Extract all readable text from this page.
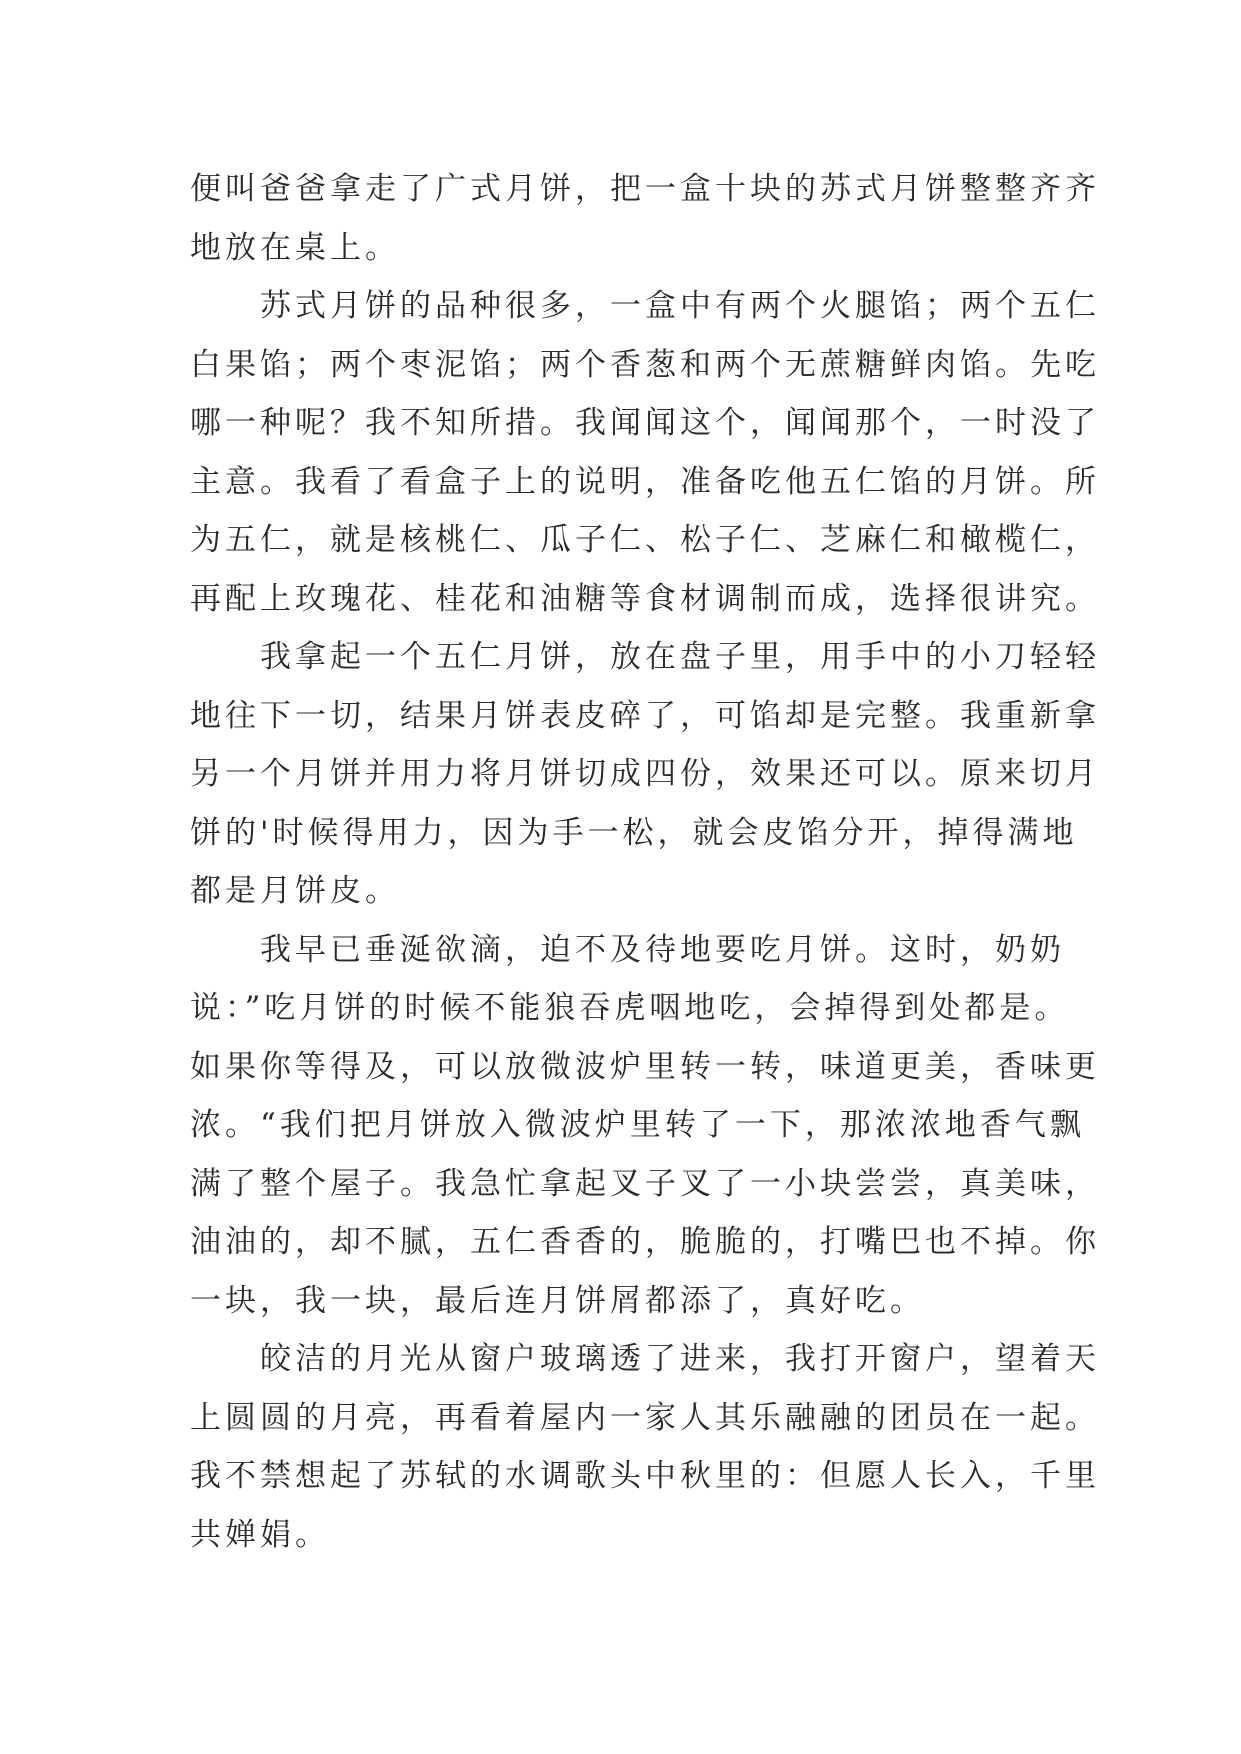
便叫爸爸拿走了广式月饼，把一盒十块的苏式月饼整整齐齐
地放在桌上。
苏式月饼的品种很多，一盒中有两个火腿馅；两个五仁
白果馅；两个枣泥馅；两个香葱和两个无蔗糖鲜肉馅。先吃
哪一种呢？我不知所措。我闻闻这个，闻闻那个，一时没了
主意。我看了看盒子上的说明，准备吃他五仁馅的月饼。所
为五仁，就是核桃仁、瓜子仁、松子仁、芝麻仁和橄榄仁，
再配上玫瑰花、桂花和油糖等食材调制而成，选择很讲究。
我拿起一个五仁月饼，放在盘子里，用手中的小刀轻轻
地往下一切，结果月饼表皮碎了，可馅却是完整。我重新拿
另一个月饼并用力将月饼切成四份，效果还可以。原来切月
饼的'时候得用力，因为手一松，就会皮馅分开，掉得满地
都是月饼皮。
我早已垂涎欲滴，迫不及待地要吃月饼。这时，奶奶
说：”吃月饼的时候不能狼吞虎咽地吃，会掉得到处都是。
如果你等得及，可以放微波炉里转一转，味道更美，香味更
浓。“我们把月饼放入微波炉里转了一下，那浓浓地香气飘
满了整个屋子。我急忙拿起叉子叉了一小块尝尝，真美味，
油油的，却不腻，五仁香香的，脆脆的，打嘴巴也不掉。你
一块，我一块，最后连月饼屑都添了，真好吃。
皎洁的月光从窗户玻璃透了进来，我打开窗户，望着天
上圆圆的月亮，再看着屋内一家人其乐融融的团员在一起。
我不禁想起了苏轼的水调歌头中秋里的：但愿人长入，千里
共婵娟。
